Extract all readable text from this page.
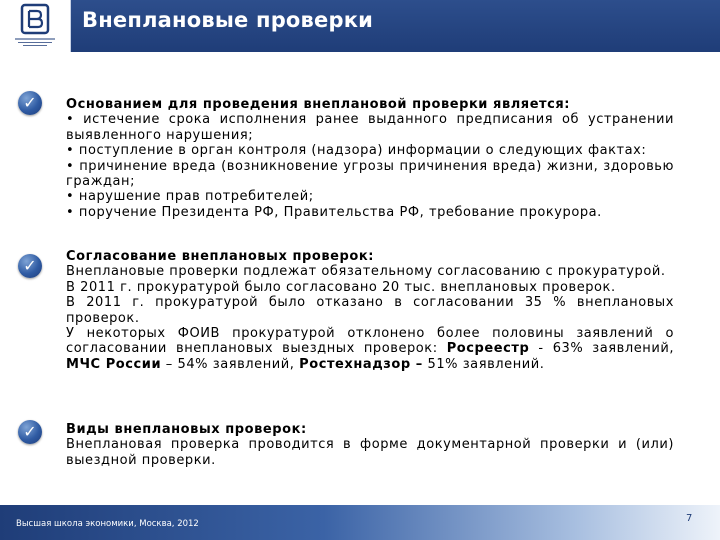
Внеплановые проверки
✓	Основанием для проведения внеплановой проверки является:

• истечение срока исполнения ранее выданного предписания об устранении выявленного нарушения;

• поступление в орган контроля (надзора) информации о следующих фактах:

• причинение вреда (возникновение угрозы причинения вреда) жизни, здоровью граждан;

• нарушение прав потребителей;

• поручение Президента РФ, Правительства РФ, требование прокурора.

✓	Согласование внеплановых проверок:

Внеплановые проверки подлежат обязательному согласованию с прокуратурой.

В 2011 г. прокуратурой было согласовано 20 тыс. внеплановых проверок.

В 2011 г. прокуратурой было отказано в согласовании 35 % внеплановых проверок.

У некоторых ФОИВ прокуратурой отклонено более половины заявлений о согласовании внеплановых выездных проверок: Росреестр - 63% заявлений, МЧС России – 54% заявлений, Ростехнадзор – 51% заявлений.

✓	Виды внеплановых проверок:

Внеплановая проверка проводится в форме документарной проверки и (или) выездной проверки.

Высшая школа экономики, Москва, 2012	7
